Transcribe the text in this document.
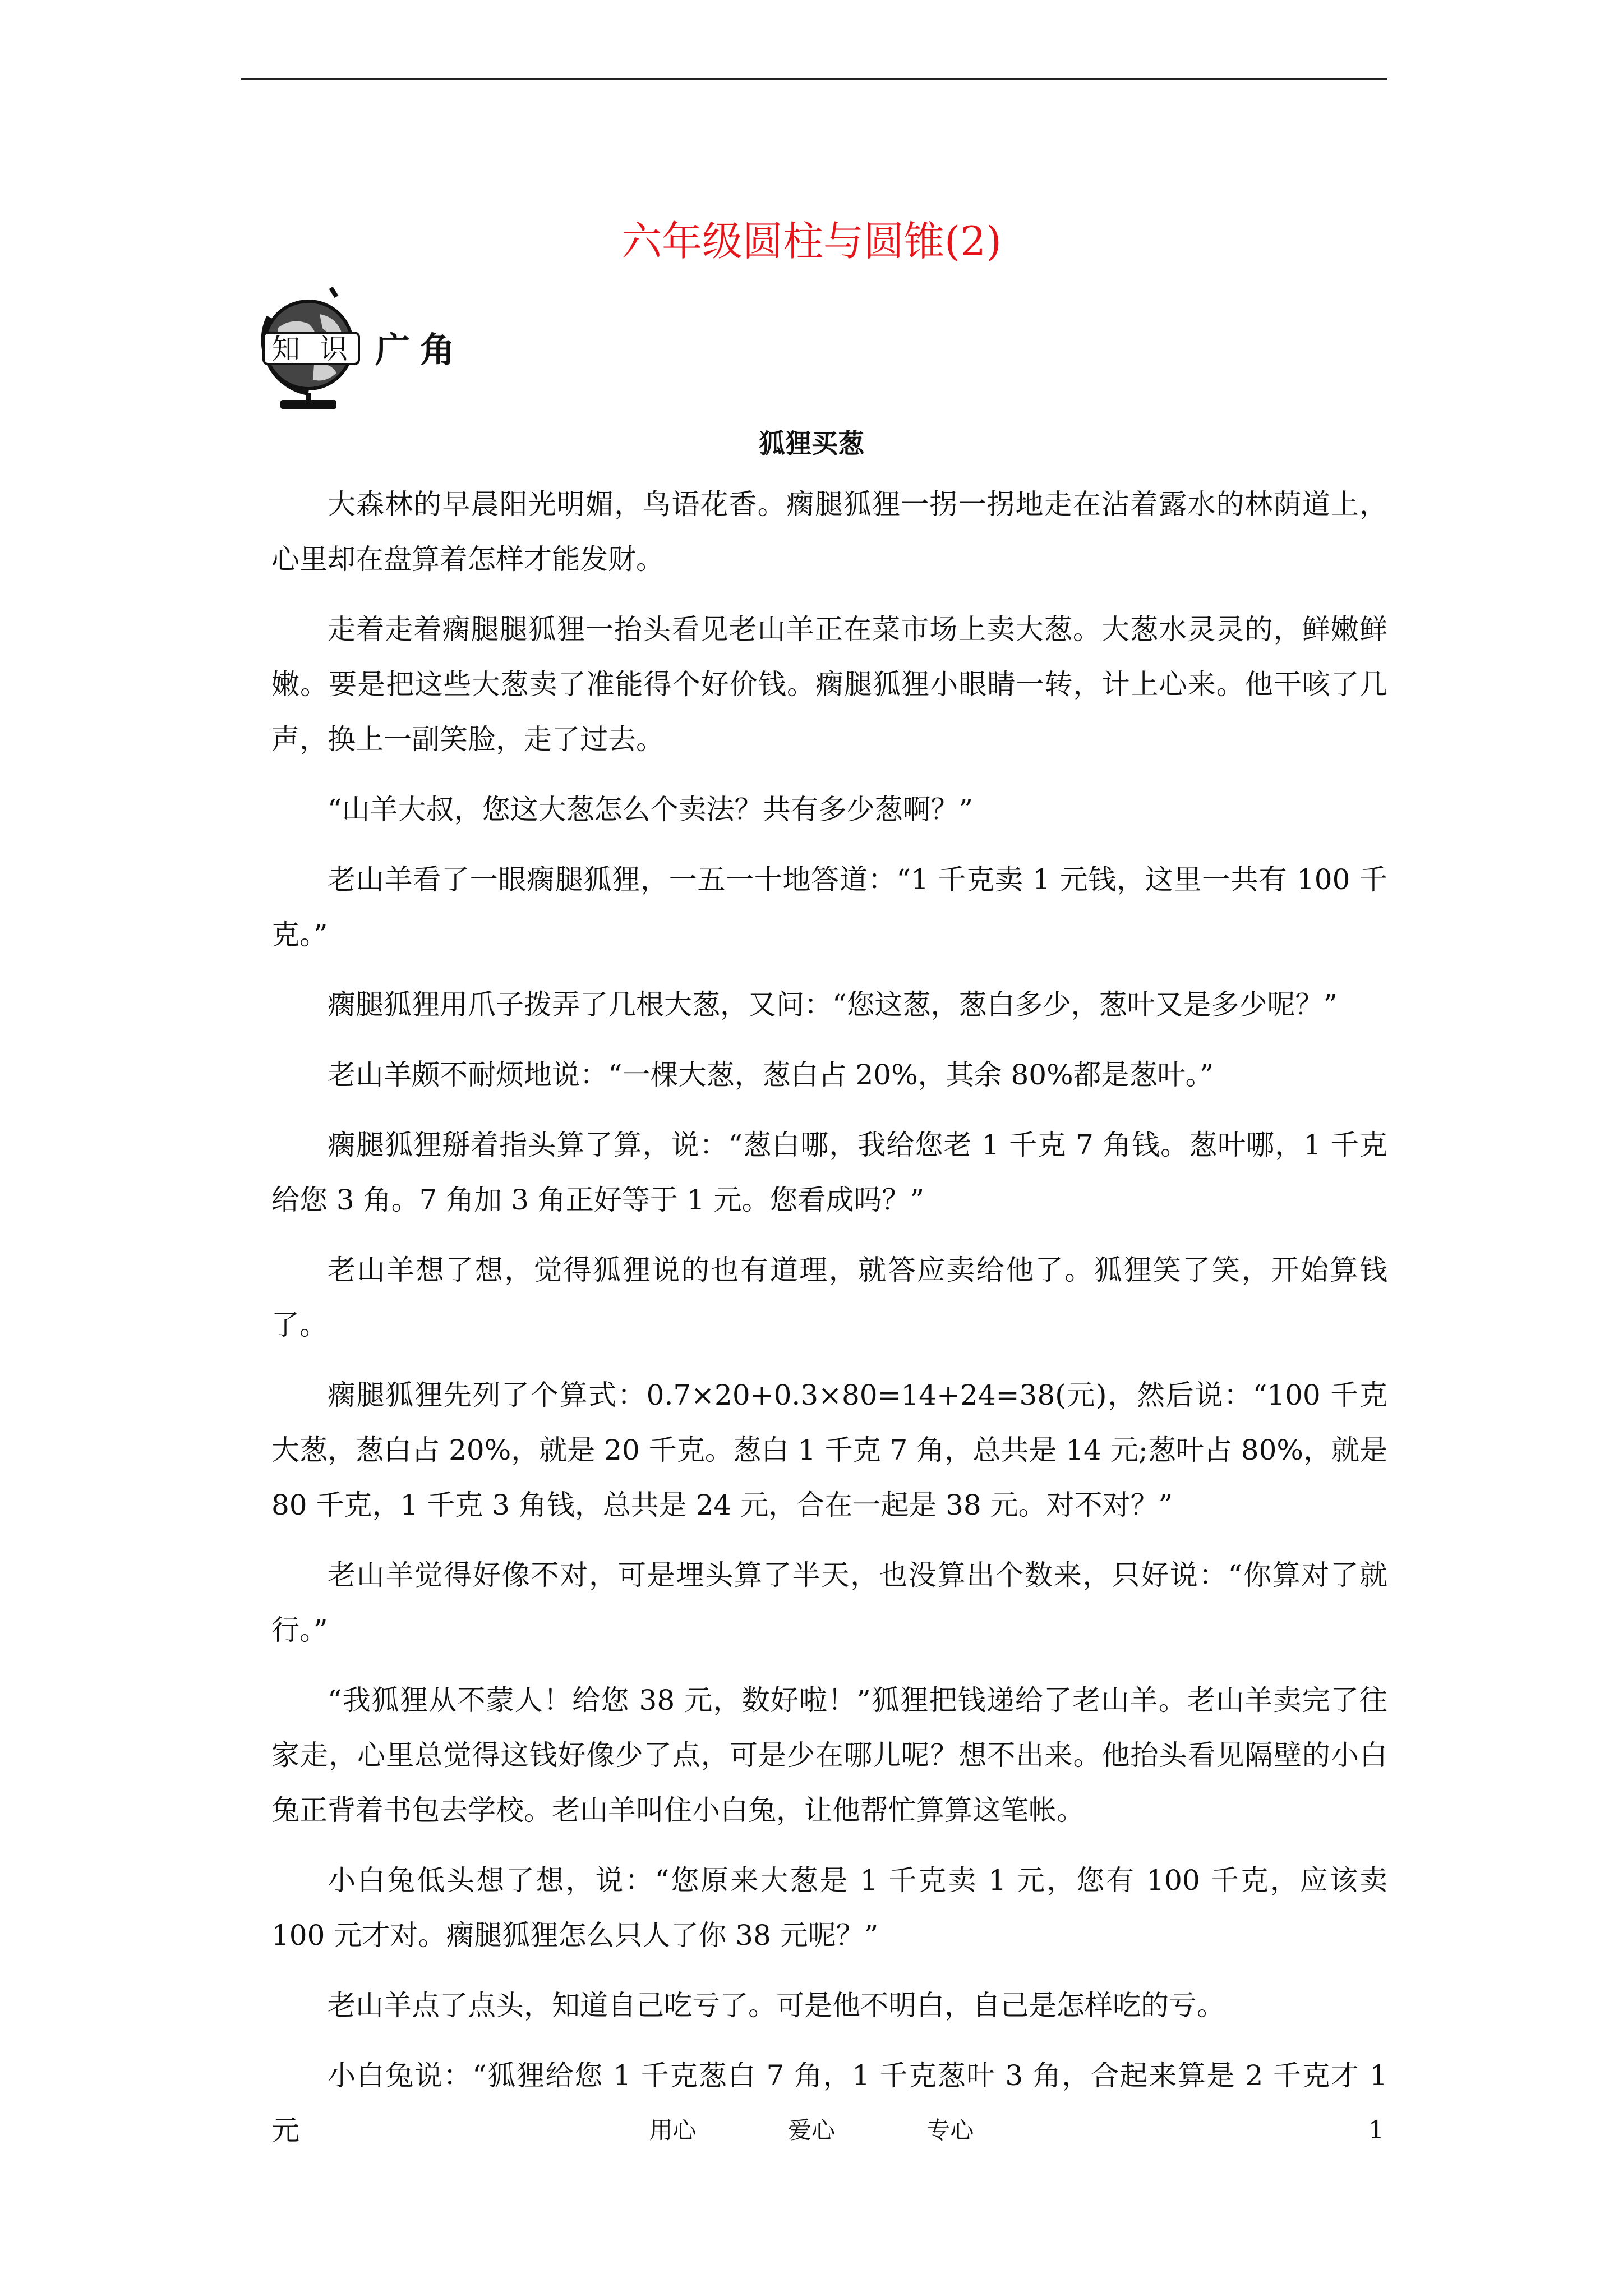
六年级圆柱与圆锥(2)
知 识 广 角
狐狸买葱

大森林的早晨阳光明媚，鸟语花香。瘸腿狐狸一拐一拐地走在沾着露水的林荫道上，心里却在盘算着怎样才能发财。

走着走着瘸腿腿狐狸一抬头看见老山羊正在菜市场上卖大葱。大葱水灵灵的，鲜嫩鲜嫩。要是把这些大葱卖了准能得个好价钱。瘸腿狐狸小眼睛一转，计上心来。他干咳了几声，换上一副笑脸，走了过去。

“山羊大叔，您这大葱怎么个卖法？共有多少葱啊？”

老山羊看了一眼瘸腿狐狸，一五一十地答道：“1 千克卖 1 元钱，这里一共有 100 千克。”

瘸腿狐狸用爪子拨弄了几根大葱，又问：“您这葱，葱白多少，葱叶又是多少呢？”

老山羊颇不耐烦地说：“一棵大葱，葱白占 20%，其余 80%都是葱叶。”

瘸腿狐狸掰着指头算了算，说：“葱白哪，我给您老 1 千克 7 角钱。葱叶哪，1 千克给您 3 角。7 角加 3 角正好等于 1 元。您看成吗？”

老山羊想了想，觉得狐狸说的也有道理，就答应卖给他了。狐狸笑了笑，开始算钱了。

瘸腿狐狸先列了个算式：0.7×20+0.3×80=14+24=38(元)，然后说：“100 千克大葱，葱白占 20%，就是 20 千克。葱白 1 千克 7 角，总共是 14 元;葱叶占 80%，就是 80 千克，1 千克 3 角钱，总共是 24 元，合在一起是 38 元。对不对？”

老山羊觉得好像不对，可是埋头算了半天，也没算出个数来，只好说：“你算对了就行。”

“我狐狸从不蒙人！给您 38 元，数好啦！”狐狸把钱递给了老山羊。老山羊卖完了往家走，心里总觉得这钱好像少了点，可是少在哪儿呢？想不出来。他抬头看见隔壁的小白兔正背着书包去学校。老山羊叫住小白兔，让他帮忙算算这笔帐。

小白兔低头想了想，说：“您原来大葱是 1 千克卖 1 元，您有 100 千克，应该卖 100 元才对。瘸腿狐狸怎么只人了你 38 元呢？”

老山羊点了点头，知道自己吃亏了。可是他不明白，自己是怎样吃的亏。

小白兔说：“狐狸给您 1 千克葱白 7 角，1 千克葱叶 3 角，合起来算是 2 千克才 1 元	用心	爱心	专心	1
